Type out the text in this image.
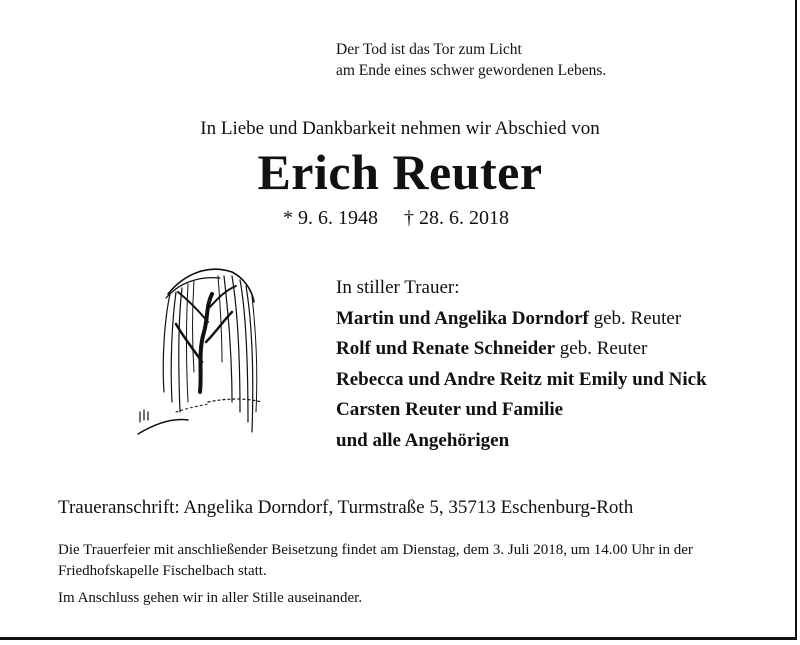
Der Tod ist das Tor zum Licht
am Ende eines schwer gewordenen Lebens.
In Liebe und Dankbarkeit nehmen wir Abschied von
Erich Reuter
* 9. 6. 1948 † 28. 6. 2018
In stiller Trauer:
Martin und Angelika Dorndorf geb. Reuter
Rolf und Renate Schneider geb. Reuter
Rebecca und Andre Reitz mit Emily und Nick
Carsten Reuter und Familie
und alle Angehörigen
Traueranschrift: Angelika Dorndorf, Turmstraße 5, 35713 Eschenburg-Roth
Die Trauerfeier mit anschließender Beisetzung findet am Dienstag, dem 3. Juli 2018, um 14.00 Uhr in der Friedhofskapelle Fischelbach statt.
Im Anschluss gehen wir in aller Stille auseinander.
